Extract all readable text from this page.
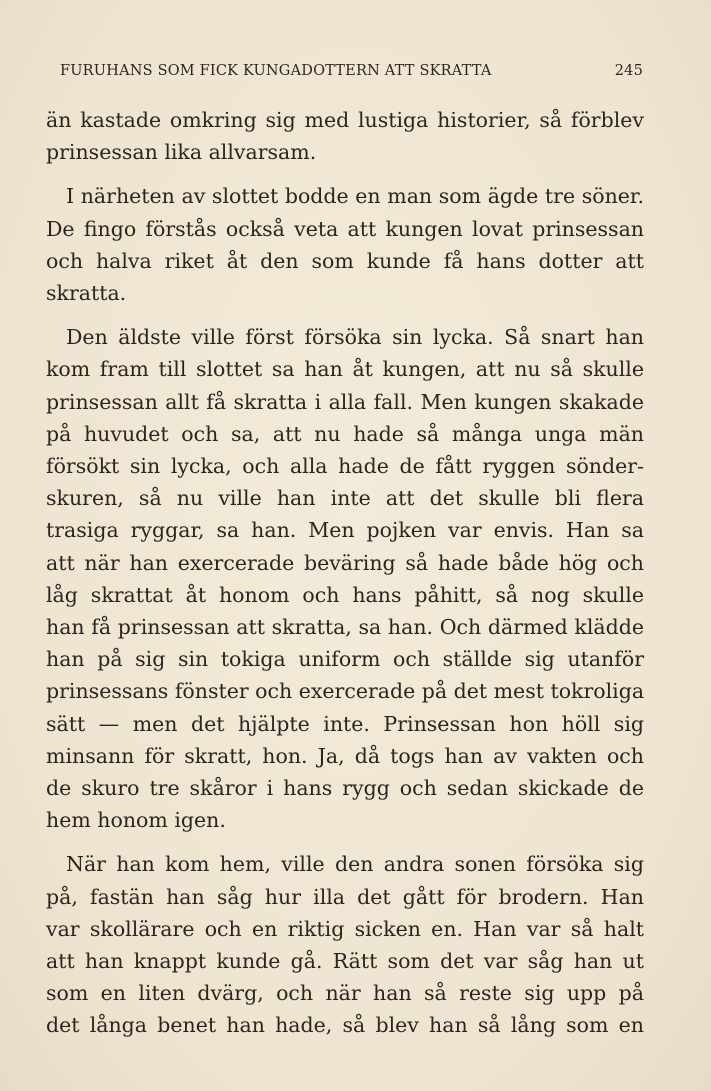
FURUHANS SOM FICK KUNGADOTTERN ATT SKRATTA	245
än kastade omkring sig med lustiga historier, så förblev
prinsessan lika allvarsam.
I närheten av slottet bodde en man som ägde tre söner.
De fingo förstås också veta att kungen lovat prinsessan
och halva riket åt den som kunde få hans dotter att
skratta.
Den äldste ville först försöka sin lycka. Så snart han
kom fram till slottet sa han åt kungen, att nu så skulle
prinsessan allt få skratta i alla fall. Men kungen skakade
på huvudet och sa, att nu hade så många unga män
försökt sin lycka, och alla hade de fått ryggen sönder-
skuren, så nu ville han inte att det skulle bli flera
trasiga ryggar, sa han. Men pojken var envis. Han sa
att när han exercerade beväring så hade både hög och
låg skrattat åt honom och hans påhitt, så nog skulle
han få prinsessan att skratta, sa han. Och därmed klädde
han på sig sin tokiga uniform och ställde sig utanför
prinsessans fönster och exercerade på det mest tokroliga
sätt — men det hjälpte inte. Prinsessan hon höll sig
minsann för skratt, hon. Ja, då togs han av vakten och
de skuro tre skåror i hans rygg och sedan skickade de
hem honom igen.
När han kom hem, ville den andra sonen försöka sig
på, fastän han såg hur illa det gått för brodern. Han
var skollärare och en riktig sicken en. Han var så halt
att han knappt kunde gå. Rätt som det var såg han ut
som en liten dvärg, och när han så reste sig upp på
det långa benet han hade, så blev han så lång som en
